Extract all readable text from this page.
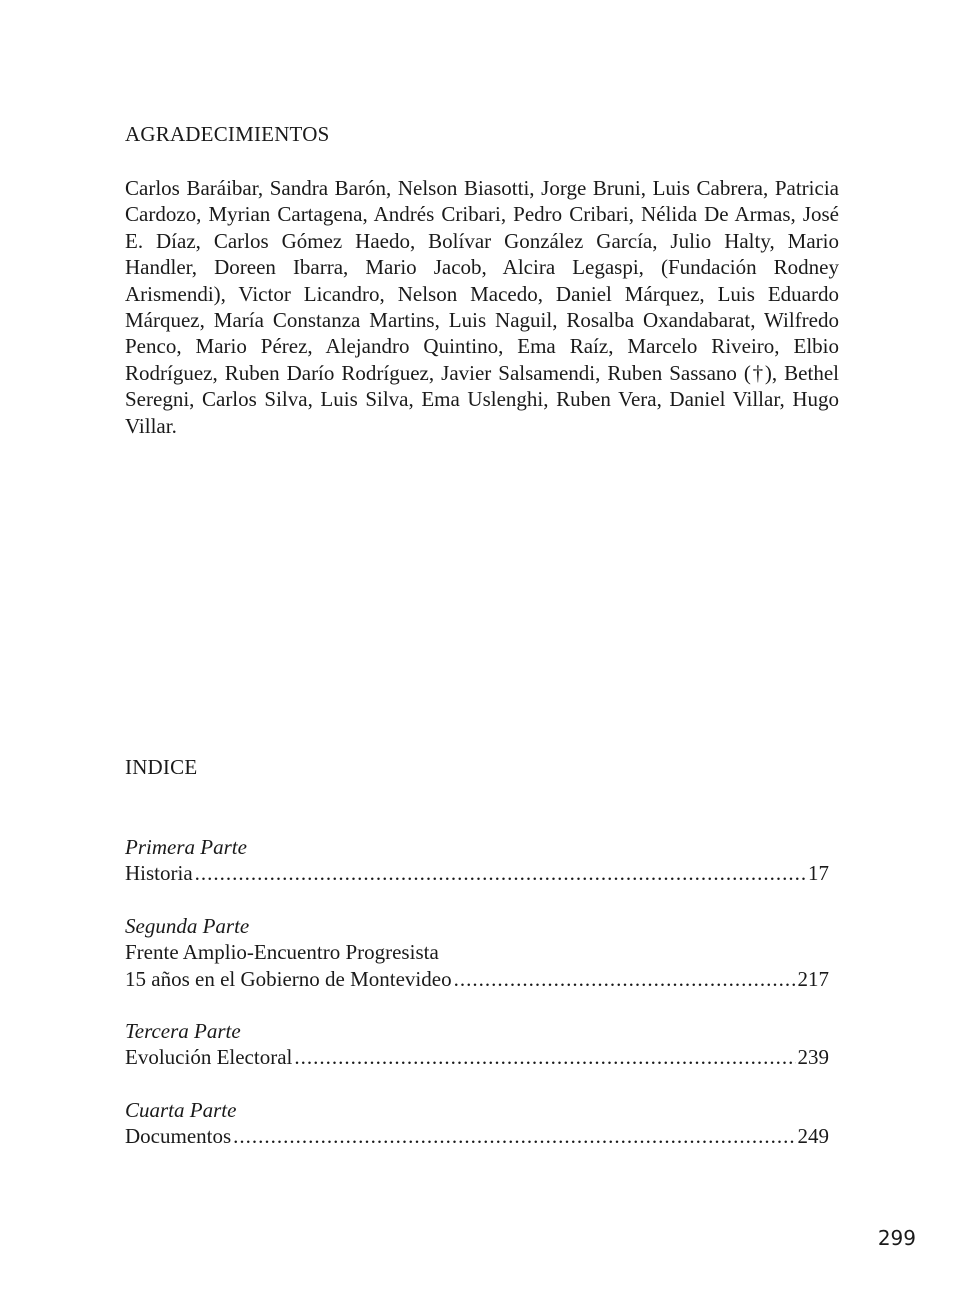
AGRADECIMIENTOS

Carlos Baráibar, Sandra Barón, Nelson Biasotti, Jorge Bruni, Luis Cabrera, Patricia Cardozo, Myrian Cartagena, Andrés Cribari, Pedro Cribari, Nélida De Armas, José E. Díaz, Carlos Gómez Haedo, Bolívar González García, Julio Halty, Mario Handler, Doreen Ibarra, Mario Jacob, Alcira Legaspi, (Fundación Rodney Arismendi), Victor Licandro, Nelson Macedo, Daniel Márquez, Luis Eduardo Márquez, María Constanza Martins, Luis Naguil, Rosalba Oxandabarat, Wilfredo Penco, Mario Pérez, Alejandro Quintino, Ema Raíz, Marcelo Riveiro, Elbio Rodríguez, Ruben Darío Rodríguez, Javier Salsamendi, Ruben Sassano (†), Bethel Seregni, Carlos Silva, Luis Silva, Ema Uslenghi, Ruben Vera, Daniel Villar, Hugo Villar.

INDICE
Primera Parte
Historia .....	17
Segunda Parte
Frente Amplio-Encuentro Progresista
15 años en el Gobierno de Montevideo .....	217
Tercera Parte
Evolución Electoral .....	239
Cuarta Parte
Documentos .....	249
299
